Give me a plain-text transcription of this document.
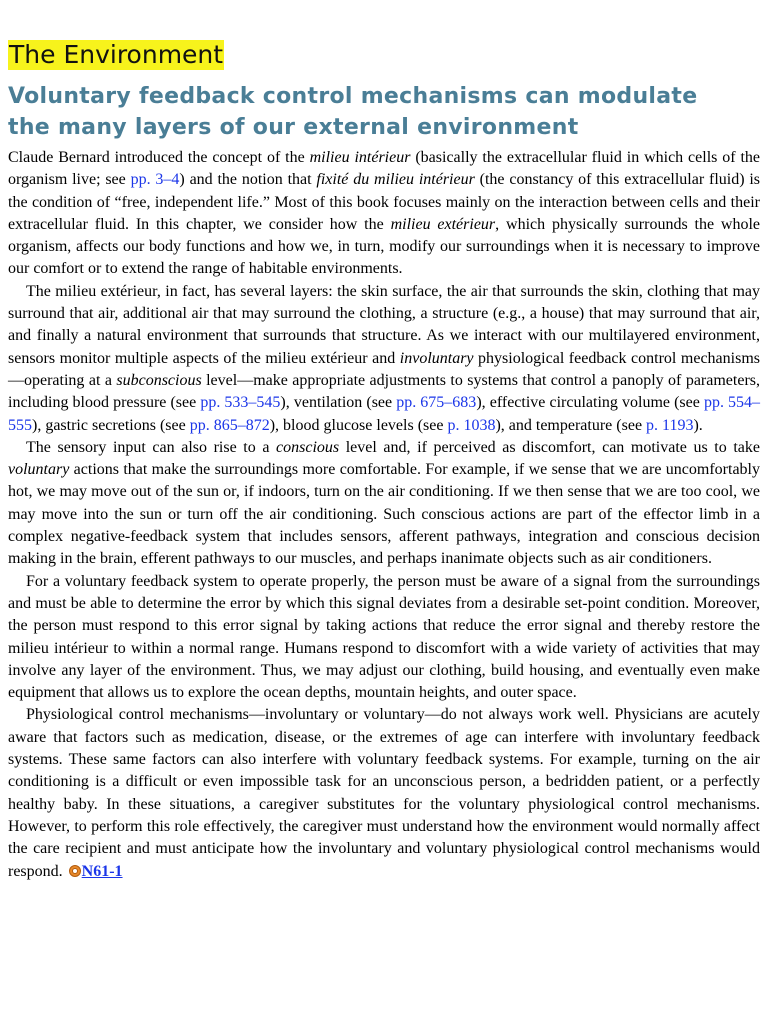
The Environment
Voluntary feedback control mechanisms can modulate
the many layers of our external environment

Claude Bernard introduced the concept of the milieu intérieur (basically the extracellular fluid in which cells of the organism live; see pp. 3–4) and the notion that fixité du milieu intérieur (the constancy of this extracellular fluid) is the condition of “free, independent life.” Most of this book focuses mainly on the interaction between cells and their extracellular fluid. In this chapter, we consider how the milieu extérieur, which physically surrounds the whole organism, affects our body functions and how we, in turn, modify our surroundings when it is necessary to improve our comfort or to extend the range of habitable environments.

The milieu extérieur, in fact, has several layers: the skin surface, the air that surrounds the skin, clothing that may surround that air, additional air that may surround the clothing, a structure (e.g., a house) that may surround that air, and finally a natural environment that surrounds that structure. As we interact with our multilayered environment, sensors monitor multiple aspects of the milieu extérieur and involuntary physiological feedback control mechanisms—operating at a subconscious level—make appropriate adjustments to systems that control a panoply of parameters, including blood pressure (see pp. 533–545), ventilation (see pp. 675–683), effective circulating volume (see pp. 554–555), gastric secretions (see pp. 865–872), blood glucose levels (see p. 1038), and temperature (see p. 1193).

The sensory input can also rise to a conscious level and, if perceived as discomfort, can motivate us to take voluntary actions that make the surroundings more comfortable. For example, if we sense that we are uncomfortably hot, we may move out of the sun or, if indoors, turn on the air conditioning. If we then sense that we are too cool, we may move into the sun or turn off the air conditioning. Such conscious actions are part of the effector limb in a complex negative-feedback system that includes sensors, afferent pathways, integration and conscious decision making in the brain, efferent pathways to our muscles, and perhaps inanimate objects such as air conditioners.

For a voluntary feedback system to operate properly, the person must be aware of a signal from the surroundings and must be able to determine the error by which this signal deviates from a desirable set-point condition. Moreover, the person must respond to this error signal by taking actions that reduce the error signal and thereby restore the milieu intérieur to within a normal range. Humans respond to discomfort with a wide variety of activities that may involve any layer of the environment. Thus, we may adjust our clothing, build housing, and eventually even make equipment that allows us to explore the ocean depths, mountain heights, and outer space.

Physiological control mechanisms—involuntary or voluntary—do not always work well. Physicians are acutely aware that factors such as medication, disease, or the extremes of age can interfere with involuntary feedback systems. These same factors can also interfere with voluntary feedback systems. For example, turning on the air conditioning is a difficult or even impossible task for an unconscious person, a bedridden patient, or a perfectly healthy baby. In these situations, a caregiver substitutes for the voluntary physiological control mechanisms. However, to perform this role effectively, the caregiver must understand how the environment would normally affect the care recipient and must anticipate how the involuntary and voluntary physiological control mechanisms would respond. N61-1
